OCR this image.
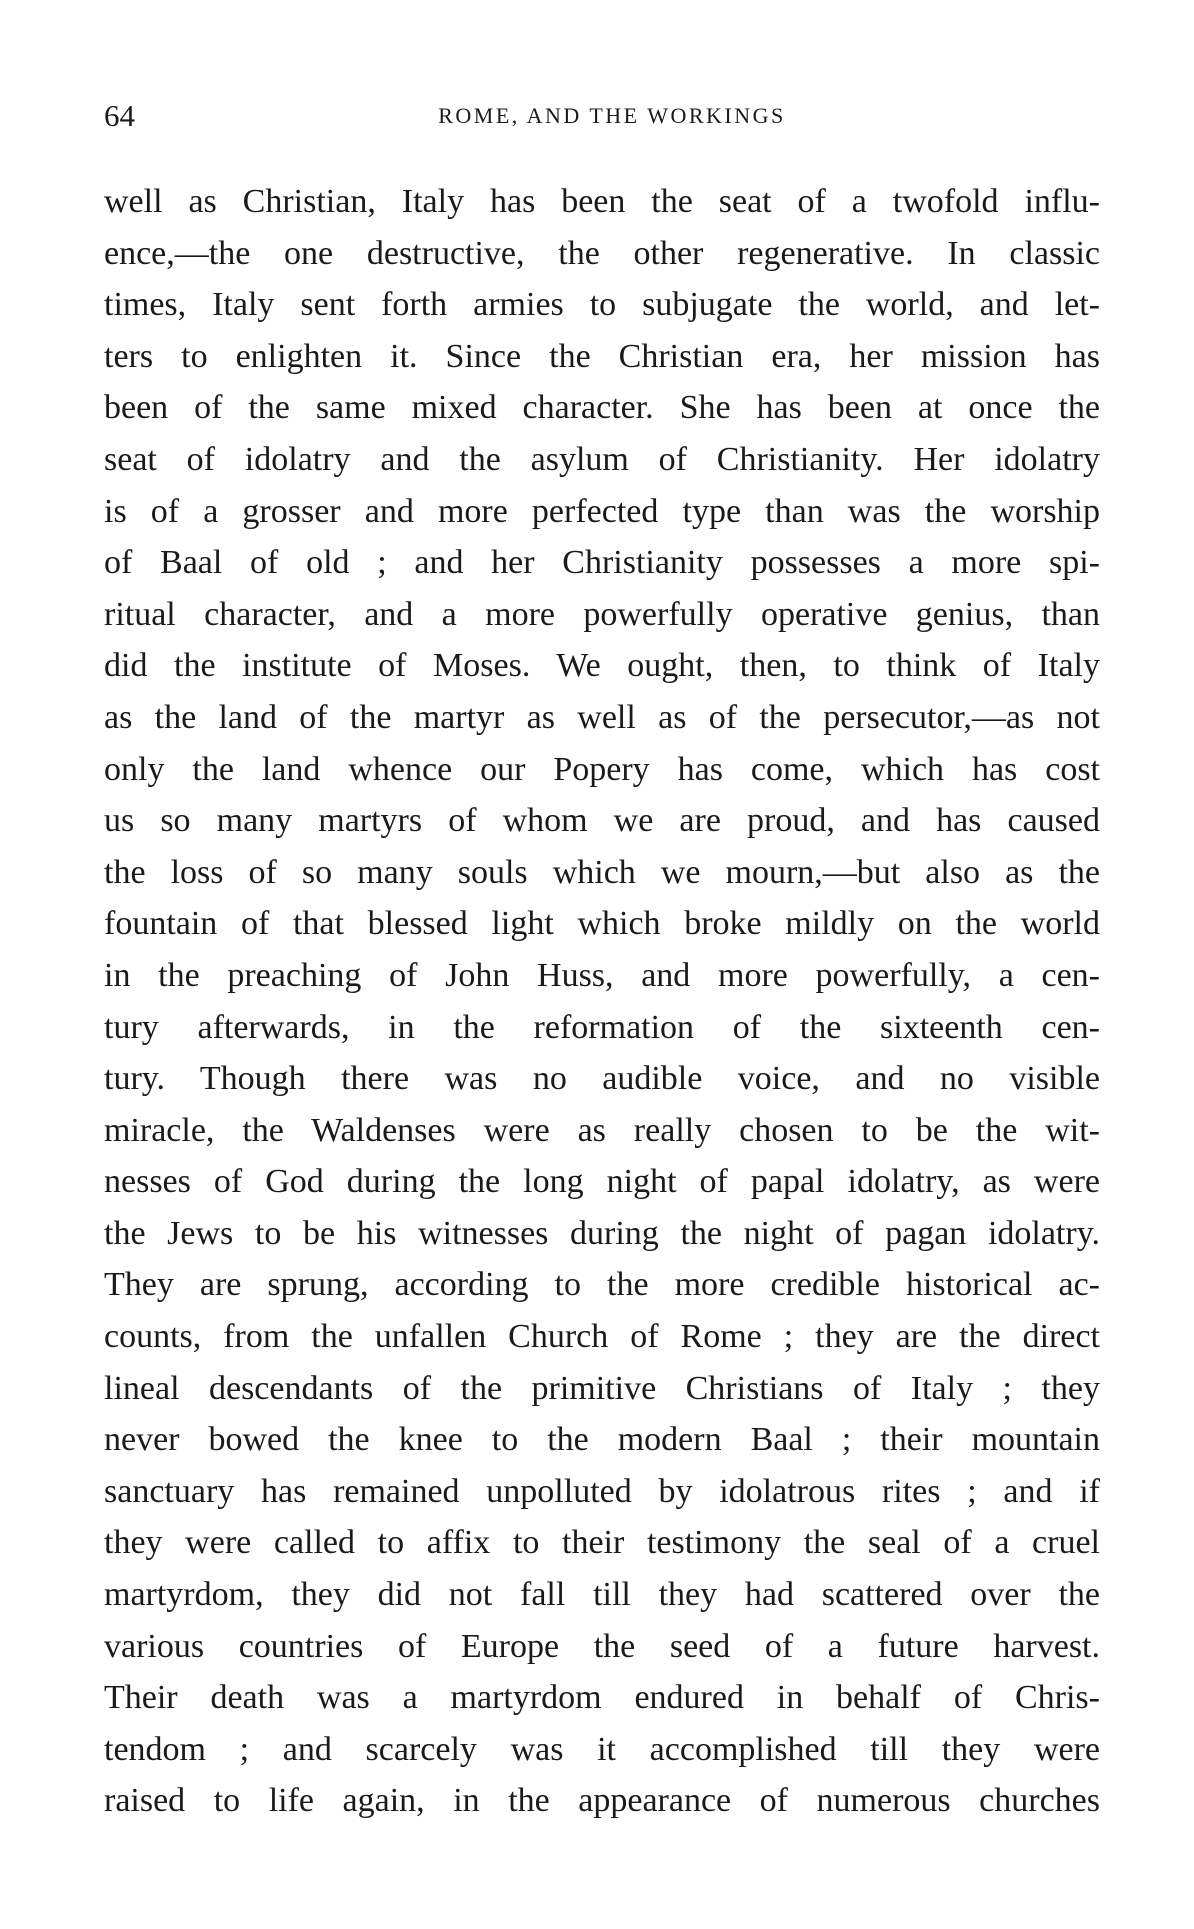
64	ROME, AND THE WORKINGS
well as Christian, Italy has been the seat of a twofold influ-
ence,—the one destructive, the other regenerative. In classic
times, Italy sent forth armies to subjugate the world, and let-
ters to enlighten it. Since the Christian era, her mission has
been of the same mixed character. She has been at once the
seat of idolatry and the asylum of Christianity. Her idolatry
is of a grosser and more perfected type than was the worship
of Baal of old ; and her Christianity possesses a more spi-
ritual character, and a more powerfully operative genius, than
did the institute of Moses. We ought, then, to think of Italy
as the land of the martyr as well as of the persecutor,—as not
only the land whence our Popery has come, which has cost
us so many martyrs of whom we are proud, and has caused
the loss of so many souls which we mourn,—but also as the
fountain of that blessed light which broke mildly on the world
in the preaching of John Huss, and more powerfully, a cen-
tury afterwards, in the reformation of the sixteenth cen-
tury. Though there was no audible voice, and no visible
miracle, the Waldenses were as really chosen to be the wit-
nesses of God during the long night of papal idolatry, as were
the Jews to be his witnesses during the night of pagan idolatry.
They are sprung, according to the more credible historical ac-
counts, from the unfallen Church of Rome ; they are the direct
lineal descendants of the primitive Christians of Italy ; they
never bowed the knee to the modern Baal ; their mountain
sanctuary has remained unpolluted by idolatrous rites ; and if
they were called to affix to their testimony the seal of a cruel
martyrdom, they did not fall till they had scattered over the
various countries of Europe the seed of a future harvest.
Their death was a martyrdom endured in behalf of Chris-
tendom ; and scarcely was it accomplished till they were
raised to life again, in the appearance of numerous churches
